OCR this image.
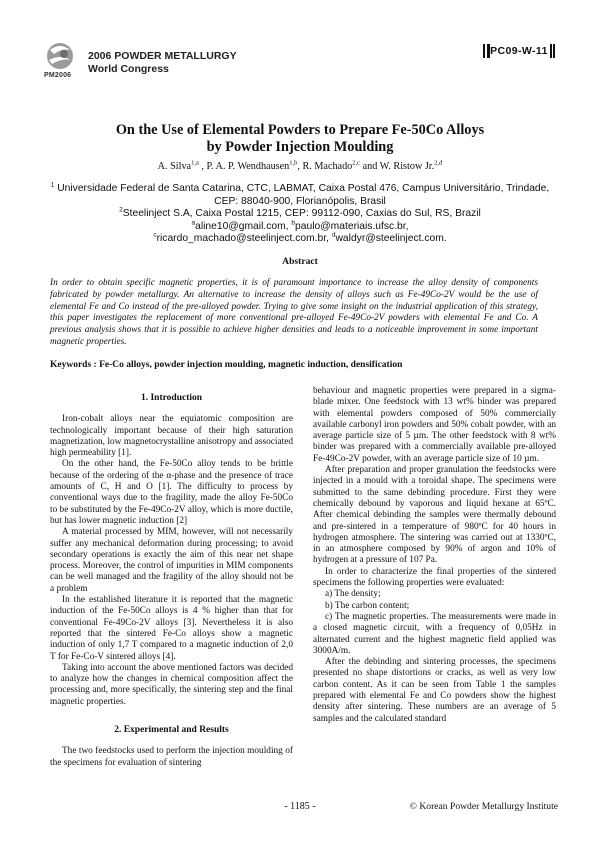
PM2006
2006 POWDER METALLURGY
World Congress
PC09-W-11
On the Use of Elemental Powders to Prepare Fe-50Co Alloys
by Powder Injection Moulding
A. Silva$^{1,a}$ , P. A. P. Wendhausen$^{1,b}$, R. Machado$^{2,c}$ and W. Ristow Jr.$^{2,d}$
$^1$ Universidade Federal de Santa Catarina, CTC, LABMAT, Caixa Postal 476, Campus Universitário, Trindade,
CEP: 88040-900, Florianópolis, Brasil
$^2$Steelinject S.A, Caixa Postal 1215, CEP: 99112-090, Caxias do Sul, RS, Brazil
$^a$aline10@gmail.com, $^b$paulo@materiais.ufsc.br,
$^c$ricardo_machado@steelinject.com.br, $^d$waldyr@steelinject.com.
Abstract
In order to obtain specific magnetic properties, it is of paramount importance to increase the alloy density of components fabricated by powder metallurgy. An alternative to increase the density of alloys such as Fe-49Co-2V would be the use of elemental Fe and Co instead of the pre-alloyed powder. Trying to give some insight on the industrial application of this strategy, this paper investigates the replacement of more conventional pre-alloyed Fe-49Co-2V powders with elemental Fe and Co. A previous analysis shows that it is possible to achieve higher densities and leads to a noticeable improvement in some important magnetic properties.
Keywords : Fe-Co alloys, powder injection moulding, magnetic induction, densification
1. Introduction

Iron-cobalt alloys near the equiatomic composition are technologically important because of their high saturation magnetization, low magnetocrystalline anisotropy and associated high permeability [1].

On the other hand, the Fe-50Co alloy tends to be brittle because of the ordering of the α-phase and the presence of trace amounts of C, H and O [1]. The difficulty to process by conventional ways due to the fragility, made the alloy Fe-50Co to be substituted by the Fe-49Co-2V alloy, which is more ductile, but has lower magnetic induction [2]

A material processed by MIM, however, will not necessarily suffer any mechanical deformation during processing; to avoid secondary operations is exactly the aim of this near net shape process. Moreover, the control of impurities in MIM components can be well managed and the fragility of the alloy should not be a problem

In the established literature it is reported that the magnetic induction of the Fe-50Co alloys is 4 % higher than that for conventional Fe-49Co-2V alloys [3]. Nevertheless it is also reported that the sintered Fe-Co alloys show a magnetic induction of only 1,7 T compared to a magnetic induction of 2,0 T for Fe-Co-V sintered alloys [4].

Taking into account the above mentioned factors was decided to analyze how the changes in chemical composition affect the processing and, more specifically, the sintering step and the final magnetic properties.

2. Experimental and Results

The two feedstocks used to perform the injection moulding of the specimens for evaluation of sintering

behaviour and magnetic properties were prepared in a sigma-blade mixer. One feedstock with 13 wt% binder was prepared with elemental powders composed of 50% commercially available carbonyl iron powders and 50% cobalt powder, with an average particle size of 5 µm. The other feedstock with 8 wt% binder was prepared with a commercially available pre-alloyed Fe-49Co-2V powder, with an average particle size of 10 µm.

After preparation and proper granulation the feedstocks were injected in a mould with a toroidal shape. The specimens were submitted to the same debinding procedure. First they were chemically debound by vaporous and liquid hexane at 65ºC. After chemical debinding the samples were thermally debound and pre-sintered in a temperature of 980ºC for 40 hours in hydrogen atmosphere. The sintering was carried out at 1330ºC, in an atmosphere composed by 90% of argon and 10% of hydrogen at a pressure of 107 Pa.

In order to characterize the final properties of the sintered specimens the following properties were evaluated:

a) The density;

b) The carbon content;

c) The magnetic properties. The measurements were made in a closed magnetic circuit, with a frequency of 0,05Hz in alternated current and the highest magnetic field applied was 3000A/m.

After the debinding and sintering processes, the specimens presented no shape distortions or cracks, as well as very low carbon content. As it can be seen from Table 1 the samples prepared with elemental Fe and Co powders show the highest density after sintering. These numbers are an average of 5 samples and the calculated standard

- 1185 -	© Korean Powder Metallurgy Institute
